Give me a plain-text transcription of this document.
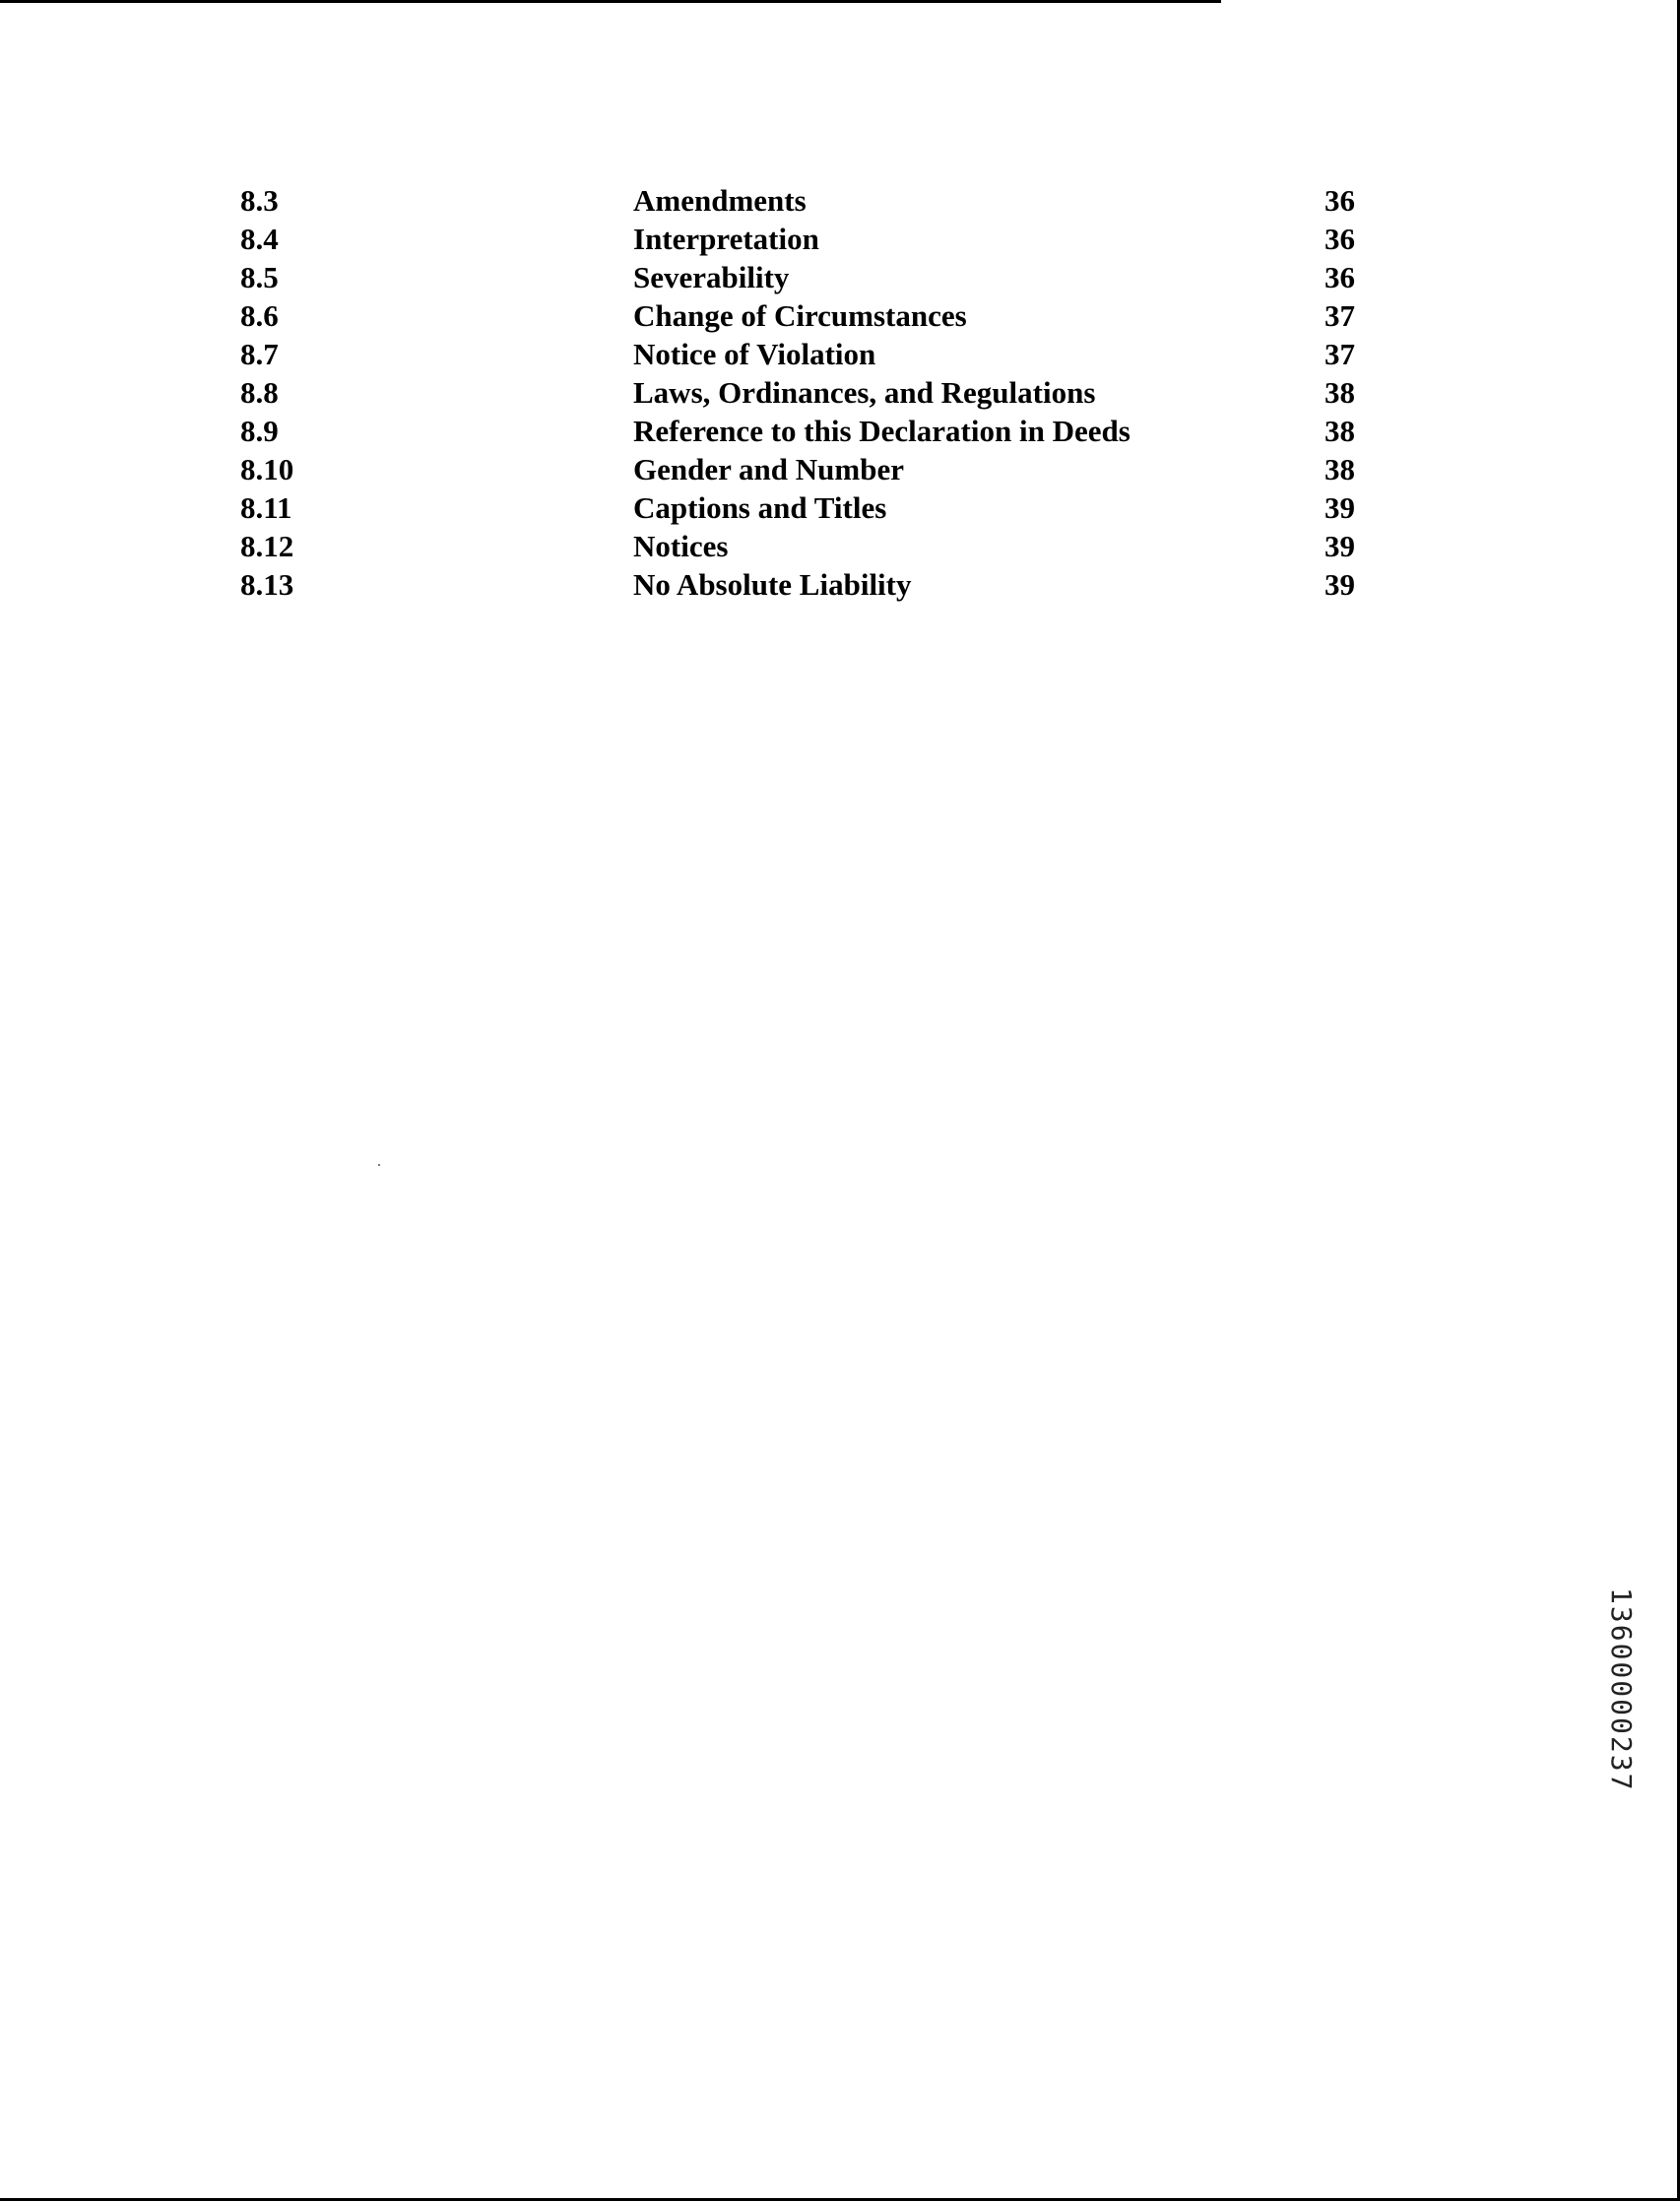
8.3	Amendments	36
8.4	Interpretation	36
8.5	Severability	36
8.6	Change of Circumstances	37
8.7	Notice of Violation	37
8.8	Laws, Ordinances, and Regulations	38
8.9	Reference to this Declaration in Deeds	38
8.10	Gender and Number	38
8.11	Captions and Titles	39
8.12	Notices	39
8.13	No Absolute Liability	39
13600000237
